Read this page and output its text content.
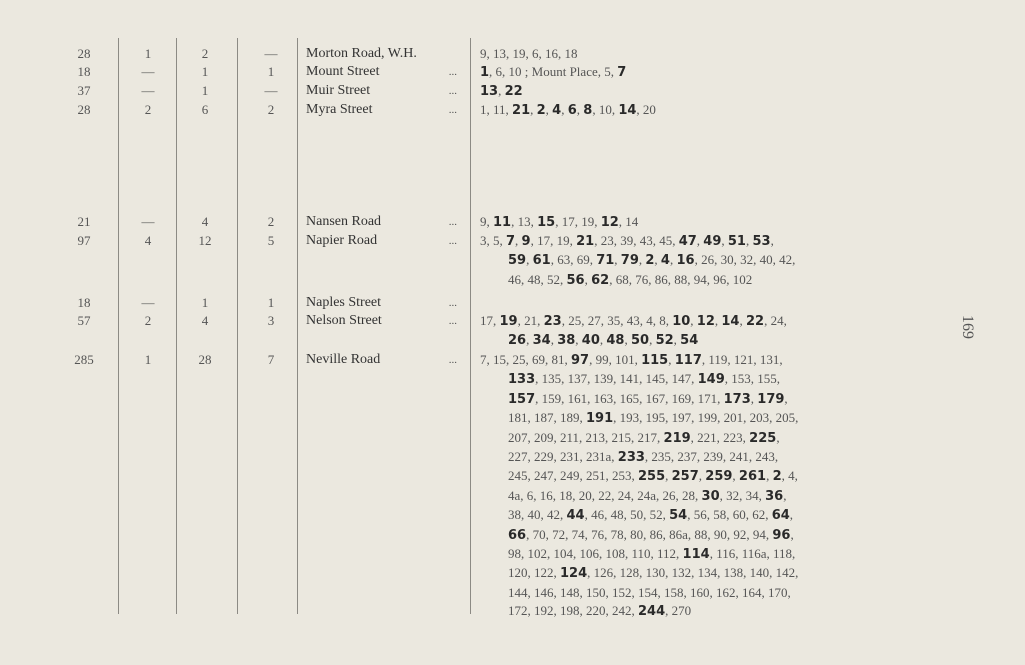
28	1	2	—	Morton Road, W.H.	9, 13, 19, 6, 16, 18
18	—	1	1	Mount Street	... 1, 6, 10 ; Mount Place, 5, 7
37	—	1	—	Muir Street	... 13, 22
28	2	6	2	Myra Street	... 1, 11, 21, 2, 4, 6, 8, 10, 14, 20
21	—	4	2	Nansen Road	... 9, 11, 13, 15, 17, 19, 12, 14
97	4	12	5	Napier Road	... 3, 5, 7, 9, 17, 19, 21, 23, 39, 43, 45, 47, 49, 51, 53,
59, 61, 63, 69, 71, 79, 2, 4, 16, 26, 30, 32, 40, 42,
46, 48, 52, 56, 62, 68, 76, 86, 88, 94, 96, 102
18	—	1	1	Naples Street	...
57	2	4	3	Nelson Street	... 17, 19, 21, 23, 25, 27, 35, 43, 4, 8, 10, 12, 14, 22, 24,
26, 34, 38, 40, 48, 50, 52, 54
285	1	28	7	Neville Road	... 7, 15, 25, 69, 81, 97, 99, 101, 115, 117, 119, 121, 131,
133, 135, 137, 139, 141, 145, 147, 149, 153, 155,
157, 159, 161, 163, 165, 167, 169, 171, 173, 179,
181, 187, 189, 191, 193, 195, 197, 199, 201, 203, 205,
207, 209, 211, 213, 215, 217, 219, 221, 223, 225,
227, 229, 231, 231a, 233, 235, 237, 239, 241, 243,
245, 247, 249, 251, 253, 255, 257, 259, 261, 2, 4,
4a, 6, 16, 18, 20, 22, 24, 24a, 26, 28, 30, 32, 34, 36,
38, 40, 42, 44, 46, 48, 50, 52, 54, 56, 58, 60, 62, 64,
66, 70, 72, 74, 76, 78, 80, 86, 86a, 88, 90, 92, 94, 96,
98, 102, 104, 106, 108, 110, 112, 114, 116, 116a, 118,
120, 122, 124, 126, 128, 130, 132, 134, 138, 140, 142,
144, 146, 148, 150, 152, 154, 158, 160, 162, 164, 170,
172, 192, 198, 220, 242, 244, 270
169
